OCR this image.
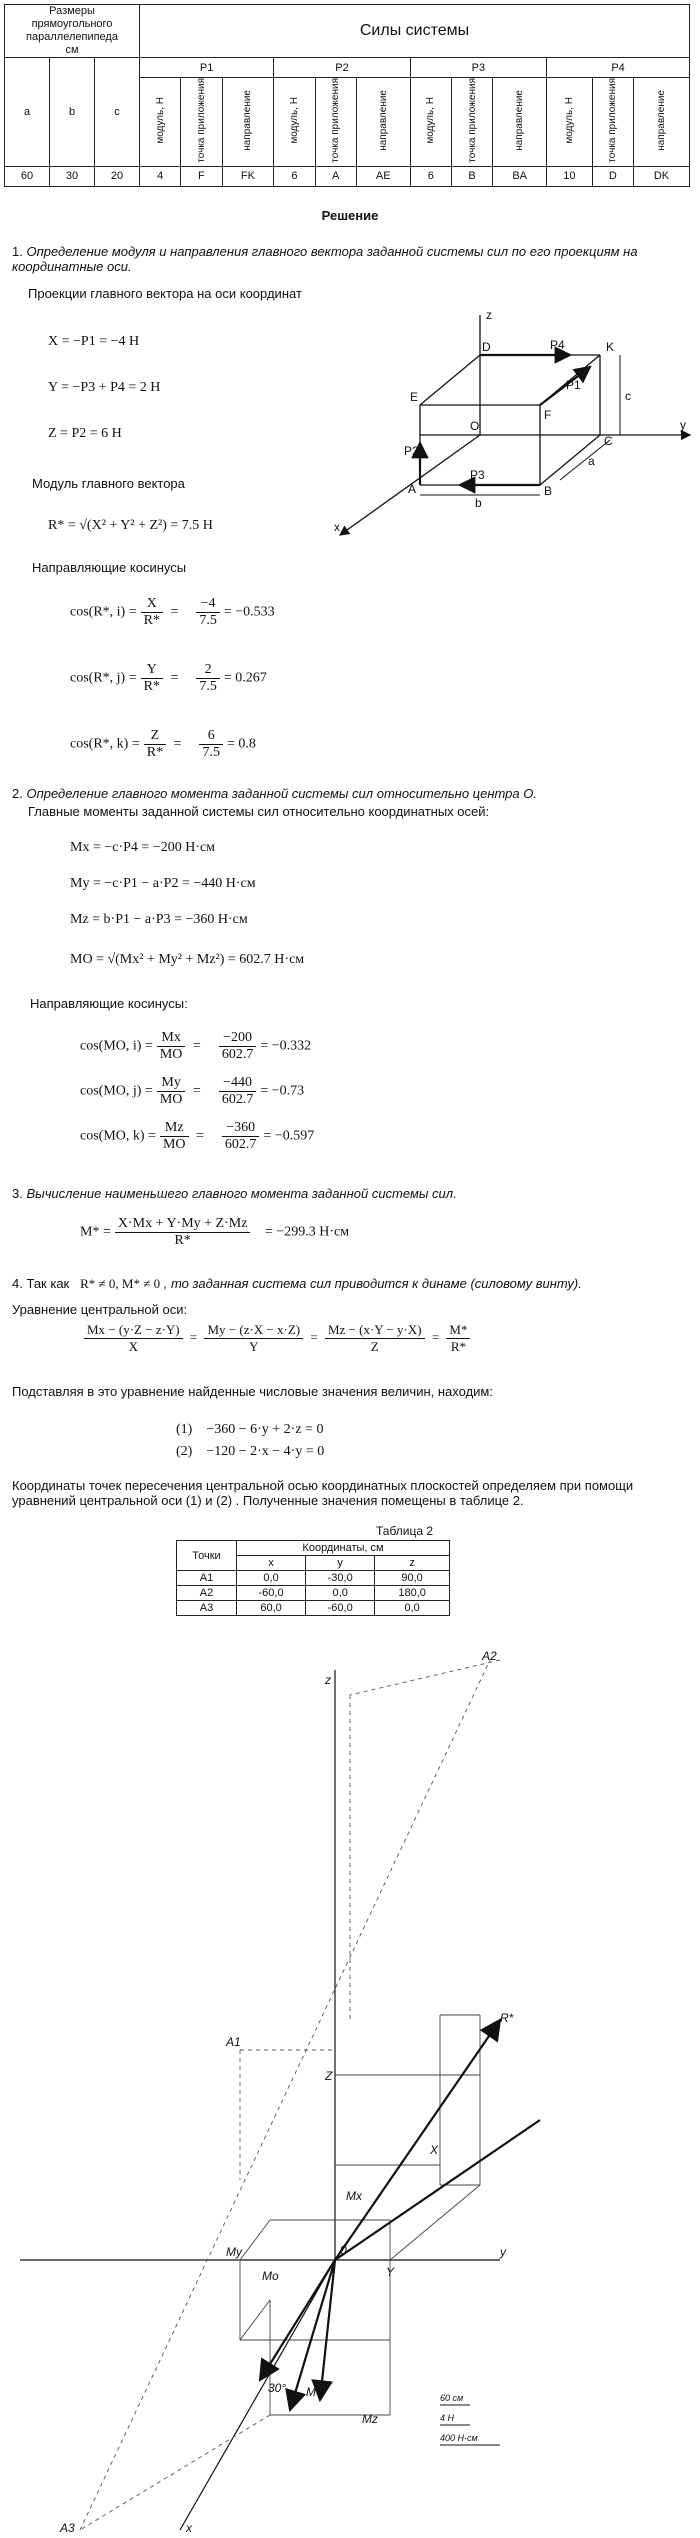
Размеры прямоугольного параллелепипеда см			Силы системы											
a	b	c	P1			P2			P3			P4		
			модуль, Н	точка приложения	направление	модуль, Н	точка приложения	направление	модуль, Н	точка приложения	направление	модуль, Н	точка приложения	направление
60	30	20	4	F	FK	6	A	AE	6	B	BA	10	D	DK
Решение
1. Определение модуля и направления главного вектора заданной системы сил по его проекциям на координатные оси.
Проекции главного вектора на оси координат
X = −P1 = −4 H
Y = −P3 + P4 = 2 H
Z = P2 = 6 H
Модуль главного вектора
R* = √(X² + Y² + Z²) = 7.5 H
Направляющие косинусы
cos(R*, $i) = \frac{X}{R*} = \frac{-4}{7.5} = -0.533$
cos(R*, $j) = \frac{Y}{R*} = \frac{2}{7.5} = 0.267$
cos(R*, $k) = \frac{Z}{R*} = \frac{6}{7.5} = 0.8$
z
y
x
D	K
E
O
F
C
A	B
P4
P1
P2
P3
b
a
c
2. Определение главного момента заданной системы сил относительно центра O.
Главные моменты заданной системы сил относительно координатных осей:
Mx = −c·P4 = −200 H·см
My = −c·P1 − a·P2 = −440 H·см
Mz = b·P1 − a·P3 = −360 H·см
MO = √(Mx² + My² + Mz²) = 602.7 H·см
Направляющие косинусы:
cos(MO, $i) = \frac{Mx}{MO} = \frac{-200}{602.7} = -0.332$
cos(MO, $j) = \frac{My}{MO} = \frac{-440}{602.7} = -0.73$
cos(MO, $k) = \frac{Mz}{MO} = \frac{-360}{602.7} = -0.597$
3. Вычисление наименьшего главного момента заданной системы сил.
$M* = \frac{X\cdot Mx + Y\cdot My + Z\cdot Mz}{R*} = -299.3$ H·см
4. Так как R* ≠ 0, M* ≠ 0 , то заданная система сил приводится к динаме (силовому винту).
Уравнение центральной оси:
$\frac{Mx - (y\cdot Z - z\cdot Y)}{X} = \frac{My - (z\cdot X - x\cdot Z)}{Y} = \frac{Mz - (x\cdot Y - y\cdot X)}{Z} = \frac{M*}{R*}$
Подставляя в это уравнение найденные числовые значения величин, находим:
(1) −360 − 6·y + 2·z = 0
(2) −120 − 2·x − 4·y = 0
Координаты точек пересечения центральной осью координатных плоскостей определяем при помощи уравнений центральной оси (1) и (2) . Полученные значения помещены в таблице 2.
Таблица 2
Точки	Координаты, см		
	x	y	z
A1	0,0	-30,0	90,0
A2	-60,0	0,0	180,0
A3	60,0	-60,0	0,0
z
y
x
A2
A1
A3
R*
Z
X
Y
0
My
Mx
Mz
Mo
M*
30°
60 см
4 Н
400 Н·см
